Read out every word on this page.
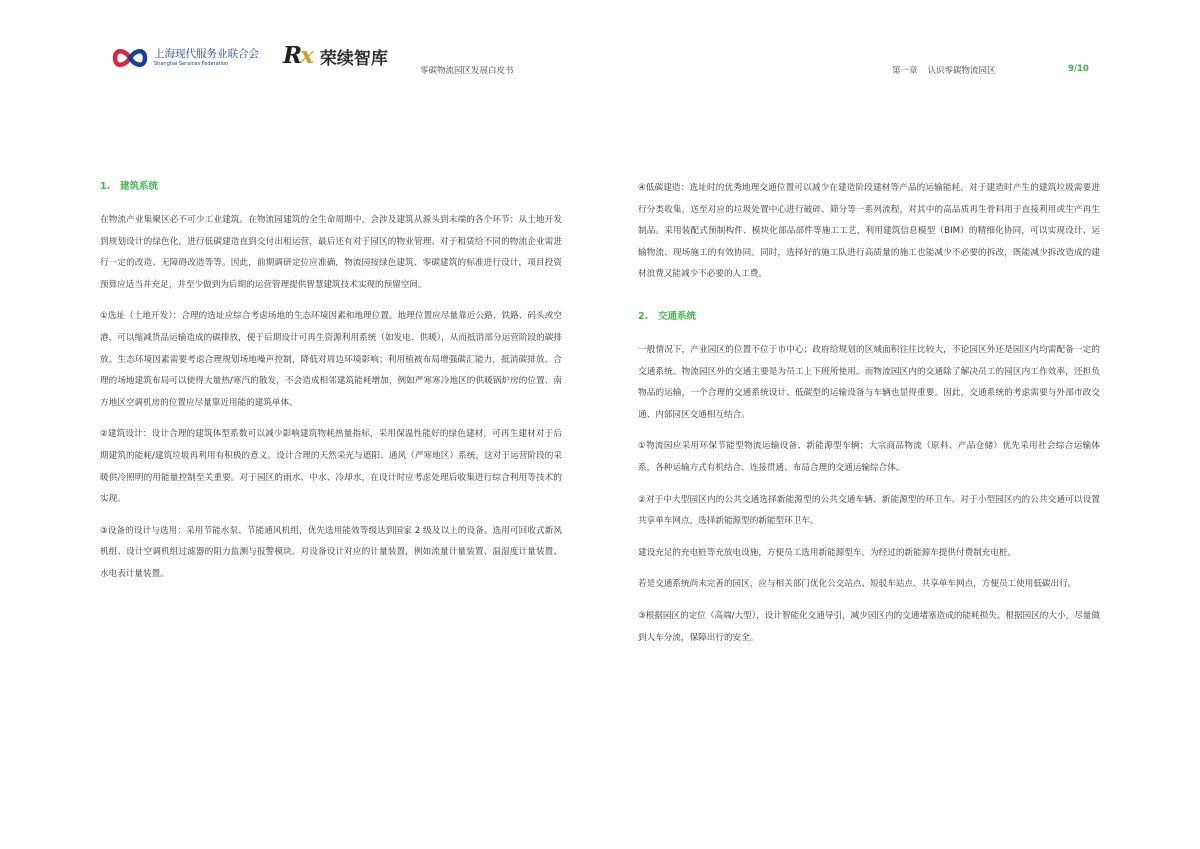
上海现代服务业联合会
Shanghai Services Federation	Rx 荣续智库
零碳物流园区发展白皮书	第一章 认识零碳物流园区	9/10
1. 建筑系统

在物流产业集聚区必不可少工业建筑。在物流园建筑的全生命周期中，会涉及建筑从源头到末端的各个环节：从土地开发到规划设计的绿色化，进行低碳建造直到交付出租运营，最后还有对于园区的物业管理、对于租赁给不同的物流企业需进行一定的改造、无障碍改造等等。因此，前期调研定位应准确，物流园按绿色建筑、零碳建筑的标准进行设计，项目投资预算应适当并充足，并至少做到为后期的运营管理提供智慧建筑技术实现的预留空间。

①选址（土地开发）：合理的选址应综合考虑场地的生态环境因素和地理位置。地理位置应尽量靠近公路、铁路、码头或空港，可以缩减货品运输造成的碳排放，便于后期设计可再生资源利用系统（如发电、供暖），从而抵消部分运营阶段的碳排放。生态环境因素需要考虑合理规划场地噪声控制，降低对周边环境影响；利用植被布局增强碳汇能力，抵消碳排放。合理的场地建筑布局可以使得大量热/寒汽的散发，不会造成相邻建筑能耗增加，例如严寒寒冷地区的供暖锅炉房的位置、南方地区空调机房的位置应尽量靠近用能的建筑单体。

②建筑设计：设计合理的建筑体型系数可以减少影响建筑物耗热量指标，采用保温性能好的绿色建材，可再生建材对于后期建筑的能耗/建筑垃圾再利用有积极的意义。设计合理的天然采光与遮阳、通风（严寒地区）系统，这对于运营阶段的采暖供冷照明的用能量控制至关重要。对于园区的雨水、中水、冷却水，在设计时应考虑处理后收集进行综合利用等技术的实现。

③设备的设计与选用：采用节能水泵、节能通风机组，优先选用能效等级达到国家 2 级及以上的设备。选用可回收式新风机组、设计空调机组过滤器的阻力监测与报警模块。对设备设计对应的计量装置，例如流量计量装置、温湿度计量装置、水电表计量装置。

④低碳建造：选址时的优秀地理交通位置可以减少在建造阶段建材等产品的运输能耗。对于建造时产生的建筑垃圾需要进行分类收集，送至对应的垃圾处置中心进行破碎、筛分等一系列流程，对其中的高品质再生骨料用于直接利用或生产再生制品。采用装配式预制构件、模块化部品部件等施工工艺，利用建筑信息模型（BIM）的精细化协同，可以实现设计、运输物流、现场施工的有效协同。同时，选择好的施工队进行高质量的施工也能减少不必要的拆改，既能减少拆改造成的建材浪费又能减少不必要的人工费。

2. 交通系统

一般情况下，产业园区的位置不位于市中心；政府给规划的区域面积往往比较大，不论园区外还是园区内均需配备一定的交通系统。物流园区外的交通主要是为员工上下班所使用。而物流园区内的交通除了解决员工的园区内工作效率，还担负物品的运输，一个合理的交通系统设计、低碳型的运输设备与车辆也显得重要。因此，交通系统的考虑需要与外部市政交通、内部园区交通相互结合。

①物流园应采用环保节能型物流运输设备、新能源型车辆；大宗商品物流（原料、产品仓储）优先采用社会综合运输体系，各种运输方式有机结合、连接贯通、布局合理的交通运输综合体。

②对于中大型园区内的公共交通选择新能源型的公共交通车辆、新能源型的环卫车。对于小型园区内的公共交通可以设置共享单车网点，选择新能源型的新能型环卫车。

建设充足的充电桩等充放电设施，方便员工选用新能源型车，为经过的新能源车提供付费制充电桩。

若是交通系统尚未完善的园区，应与相关部门优化公交站点、短驳车站点、共享单车网点，方便员工使用低碳出行。

③根据园区的定位（高端/大型），设计智能化交通导引，减少园区内的交通堵塞造成的能耗损失。根据园区的大小，尽量做到人车分流，保障出行的安全。
